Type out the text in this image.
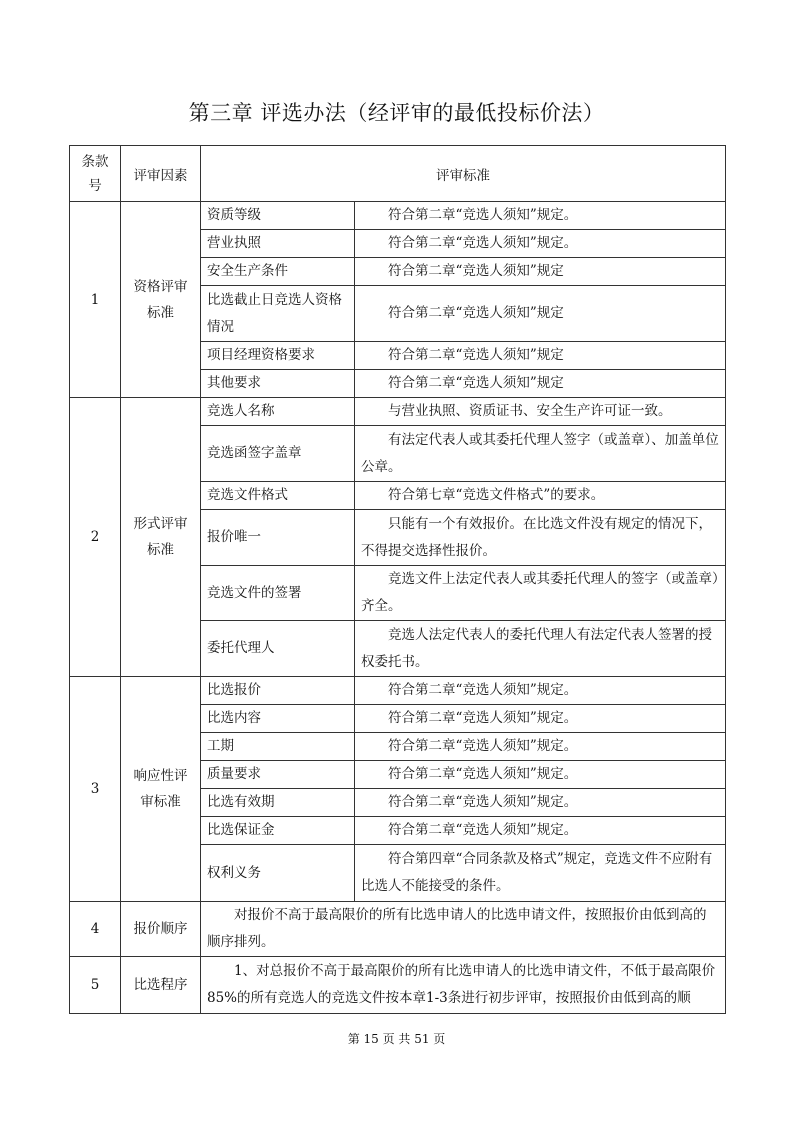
第三章 评选办法（经评审的最低投标价法）
条款号	评审因素	评审标准	
1	资格评审标准	资质等级	符合第二章“竞选人须知”规定。
		营业执照	符合第二章“竞选人须知”规定。
		安全生产条件	符合第二章“竞选人须知”规定
		比选截止日竞选人资格情况	符合第二章“竞选人须知”规定
		项目经理资格要求	符合第二章“竞选人须知”规定
		其他要求	符合第二章“竞选人须知”规定
2	形式评审标准	竞选人名称	与营业执照、资质证书、安全生产许可证一致。
		竞选函签字盖章	有法定代表人或其委托代理人签字（或盖章）、加盖单位公章。
		竞选文件格式	符合第七章“竞选文件格式”的要求。
		报价唯一	只能有一个有效报价。在比选文件没有规定的情况下，不得提交选择性报价。
		竞选文件的签署	竞选文件上法定代表人或其委托代理人的签字（或盖章）齐全。
		委托代理人	竞选人法定代表人的委托代理人有法定代表人签署的授权委托书。
3	响应性评审标准	比选报价	符合第二章“竞选人须知”规定。
		比选内容	符合第二章“竞选人须知”规定。
		工期	符合第二章“竞选人须知”规定。
		质量要求	符合第二章“竞选人须知”规定。
		比选有效期	符合第二章“竞选人须知”规定。
		比选保证金	符合第二章“竞选人须知”规定。
		权利义务	符合第四章“合同条款及格式”规定，竞选文件不应附有比选人不能接受的条件。
4	报价顺序	对报价不高于最高限价的所有比选申请人的比选申请文件，按照报价由低到高的顺序排列。	
5	比选程序	1、对总报价不高于最高限价的所有比选申请人的比选申请文件，不低于最高限价85%的所有竞选人的竞选文件按本章1-3条进行初步评审，按照报价由低到高的顺	
第 15 页 共 51 页
